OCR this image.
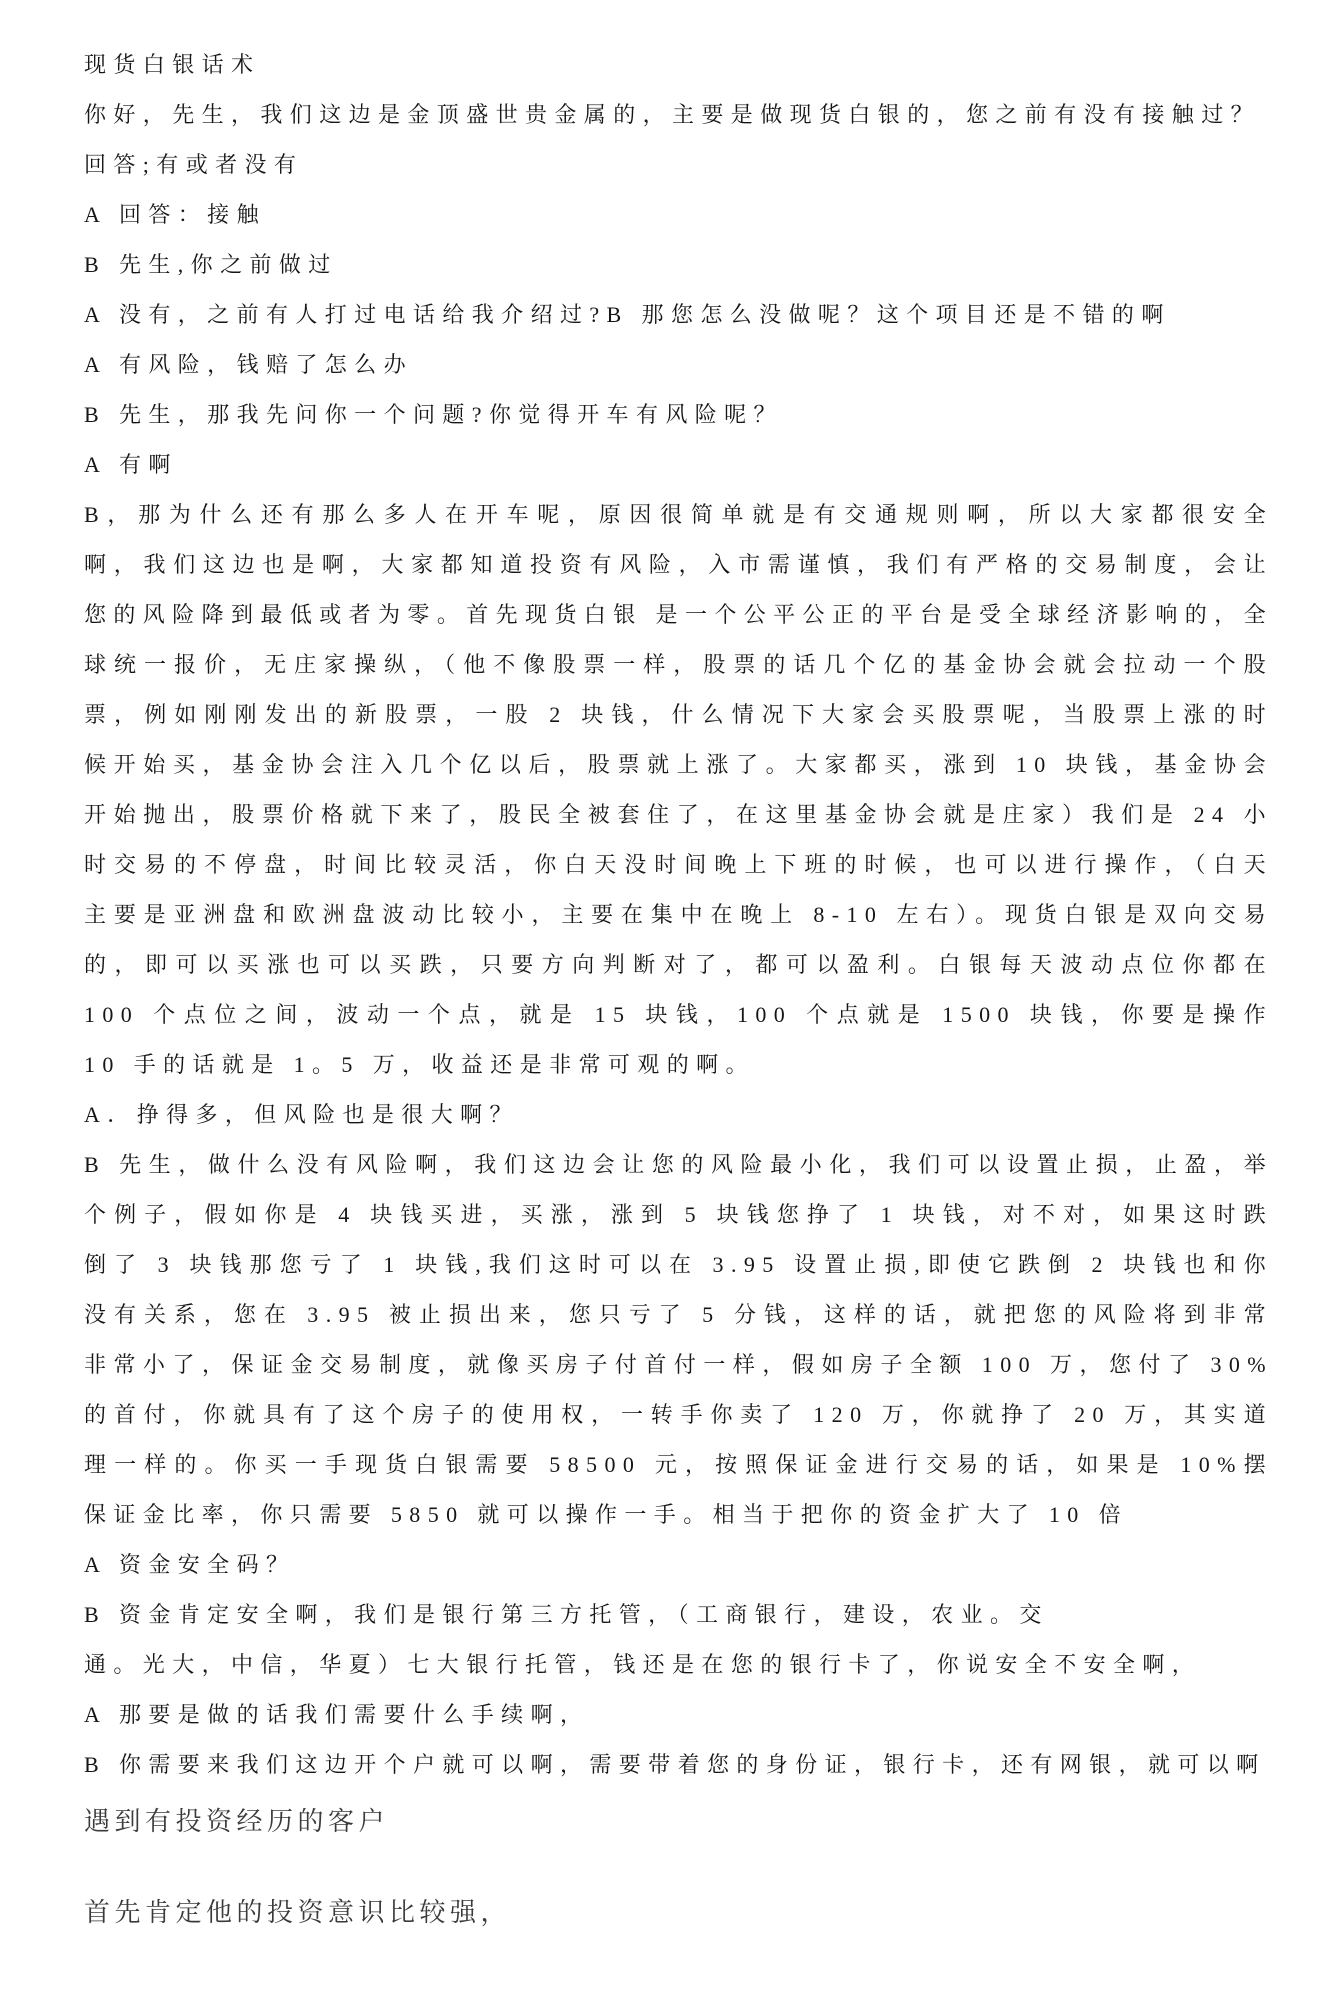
现货白银话术

你好，先生，我们这边是金顶盛世贵金属的，主要是做现货白银的，您之前有没有接触过？

回答;有或者没有

A 回答：接触

B 先生,你之前做过

A 没有，之前有人打过电话给我介绍过?B 那您怎么没做呢？这个项目还是不错的啊

A 有风险，钱赔了怎么办

B 先生，那我先问你一个问题?你觉得开车有风险呢？

A 有啊

B，那为什么还有那么多人在开车呢，原因很简单就是有交通规则啊，所以大家都很安全啊，我们这边也是啊，大家都知道投资有风险，入市需谨慎，我们有严格的交易制度，会让您的风险降到最低或者为零。首先现货白银 是一个公平公正的平台是受全球经济影响的，全球统一报价，无庄家操纵，（他不像股票一样，股票的话几个亿的基金协会就会拉动一个股票，例如刚刚发出的新股票，一股 2 块钱，什么情况下大家会买股票呢，当股票上涨的时候开始买，基金协会注入几个亿以后，股票就上涨了。大家都买，涨到 10 块钱，基金协会开始抛出，股票价格就下来了，股民全被套住了，在这里基金协会就是庄家）我们是 24 小时交易的不停盘，时间比较灵活，你白天没时间晚上下班的时候，也可以进行操作，（白天主要是亚洲盘和欧洲盘波动比较小，主要在集中在晚上 8-10 左右）。现货白银是双向交易的，即可以买涨也可以买跌，只要方向判断对了，都可以盈利。白银每天波动点位你都在 100 个点位之间，波动一个点，就是 15 块钱，100 个点就是 1500 块钱，你要是操作 10 手的话就是 1。5 万，收益还是非常可观的啊。

A．挣得多，但风险也是很大啊？

B 先生，做什么没有风险啊，我们这边会让您的风险最小化，我们可以设置止损，止盈，举个例子，假如你是 4 块钱买进，买涨，涨到 5 块钱您挣了 1 块钱，对不对，如果这时跌倒了 3 块钱那您亏了 1 块钱,我们这时可以在 3.95 设置止损,即使它跌倒 2 块钱也和你没有关系，您在 3.95 被止损出来，您只亏了 5 分钱，这样的话，就把您的风险将到非常非常小了，保证金交易制度，就像买房子付首付一样，假如房子全额 100 万，您付了 30%的首付，你就具有了这个房子的使用权，一转手你卖了 120 万，你就挣了 20 万，其实道理一样的。你买一手现货白银需要 58500 元，按照保证金进行交易的话，如果是 10%摆保证金比率，你只需要 5850 就可以操作一手。相当于把你的资金扩大了 10 倍

A 资金安全码？

B 资金肯定安全啊，我们是银行第三方托管，（工商银行，建设，农业。交

通。光大，中信，华夏）七大银行托管，钱还是在您的银行卡了，你说安全不安全啊，

A 那要是做的话我们需要什么手续啊，

B 你需要来我们这边开个户就可以啊，需要带着您的身份证，银行卡，还有网银，就可以啊

遇到有投资经历的客户

首先肯定他的投资意识比较强，
